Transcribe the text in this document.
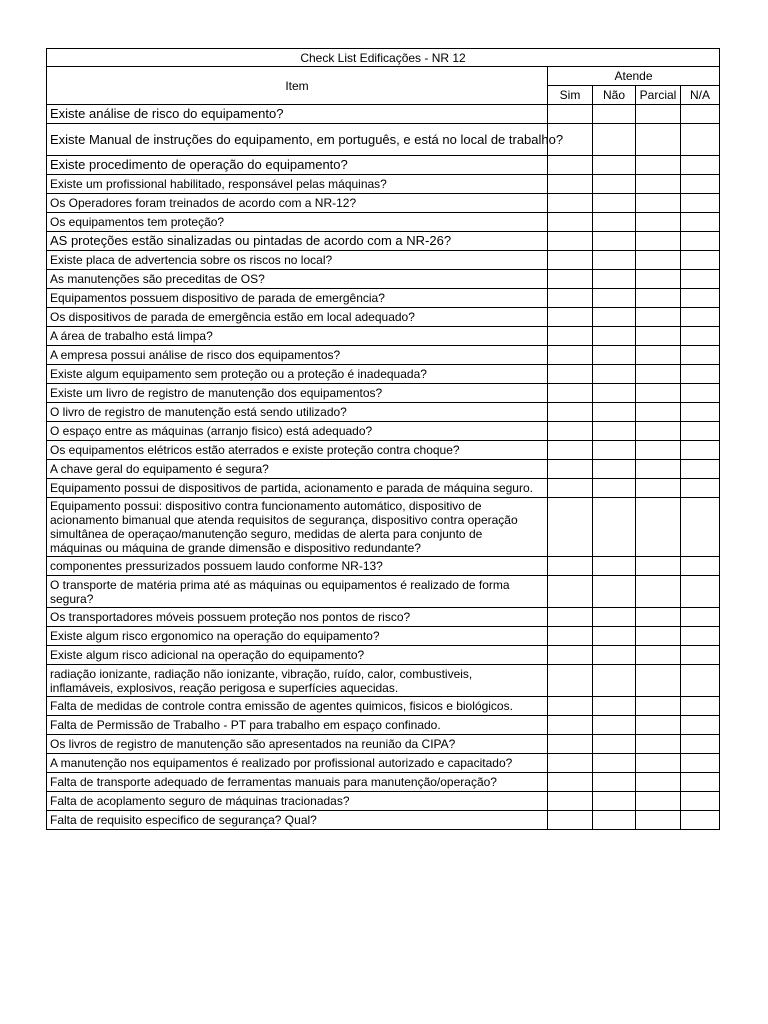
Check List Edificações - NR 12				
Item	Atende			
	Sim	Não	Parcial	N/A
Existe análise de risco do equipamento?				
Existe Manual de instruções do equipamento, em português, e está no local de trabalho?				
Existe procedimento de operação do equipamento?				
Existe um profissional habilitado, responsável pelas máquinas?				
Os Operadores foram treinados de acordo com a NR-12?				
Os equipamentos tem proteção?				
AS proteções estão sinalizadas ou pintadas de acordo com a NR-26?				
Existe placa de advertencia sobre os riscos no local?				
As manutenções são preceditas de OS?				
Equipamentos possuem dispositivo de parada de emergência?				
Os dispositivos de parada de emergência estão em local adequado?				
A área de trabalho está limpa?				
A empresa possui análise de risco dos equipamentos?				
Existe algum equipamento sem proteção ou a proteção é inadequada?				
Existe um livro de registro de manutenção dos equipamentos?				
O livro de registro de manutenção está sendo utilizado?				
O espaço entre as máquinas (arranjo fisico) está adequado?				
Os equipamentos elétricos estão aterrados e existe proteção contra choque?				
A chave geral do equipamento é segura?				
Equipamento possui de dispositivos de partida, acionamento e parada de máquina seguro.				
Equipamento possui: dispositivo contra funcionamento automático, dispositivo de
acionamento bimanual que atenda requisitos de segurança, dispositivo contra operação
simultânea de operaçao/manutenção seguro, medidas de alerta para conjunto de
máquinas ou máquina de grande dimensão e dispositivo redundante?				
componentes pressurizados possuem laudo conforme NR-13?				
O transporte de matéria prima até as máquinas ou equipamentos é realizado de forma
segura?				
Os transportadores móveis possuem proteção nos pontos de risco?				
Existe algum risco ergonomico na operação do equipamento?				
Existe algum risco adicional na operação do equipamento?				
radiação ionizante, radiação não ionizante, vibração, ruído, calor, combustiveis,
inflamáveis, explosivos, reação perigosa e superfícies aquecidas.				
Falta de medidas de controle contra emissão de agentes quimicos, fisicos e biológicos.				
Falta de Permissão de Trabalho - PT para trabalho em espaço confinado.				
Os livros de registro de manutenção são apresentados na reunião da CIPA?				
A manutenção nos equipamentos é realizado por profissional autorizado e capacitado?				
Falta de transporte adequado de ferramentas manuais para manutenção/operação?				
Falta de acoplamento seguro de máquinas tracionadas?				
Falta de requisito especifico de segurança? Qual?				
